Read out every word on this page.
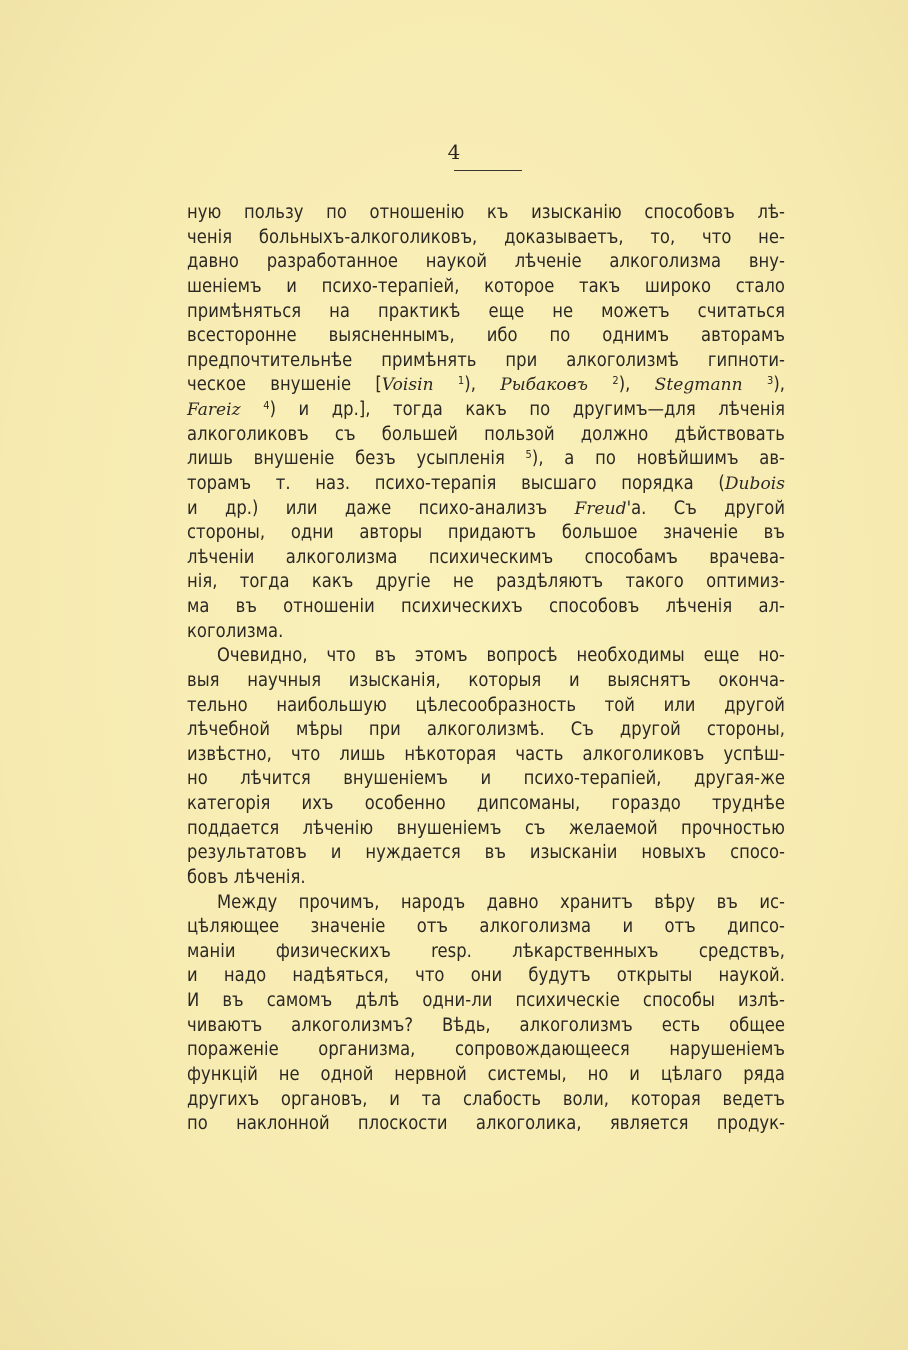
4
ную пользу по отношенію къ изысканію способовъ лѣ-
ченія больныхъ-алкоголиковъ, доказываетъ, то, что не-
давно разработанное наукой лѣченіе алкоголизма вну-
шеніемъ и психо-терапіей, которое такъ широко стало
примѣняться на практикѣ еще не можетъ считаться
всесторонне выясненнымъ, ибо по однимъ авторамъ
предпочтительнѣе примѣнять при алкоголизмѣ гипноти-
ческое внушеніе [Voisin $^1$), Рыбаковъ $^2$), Stegmann $^3$),
Fareiz $^4$) и др.], тогда какъ по другимъ—для лѣченія
алкоголиковъ съ большей пользой должно дѣйствовать
лишь внушеніе безъ усыпленія $^5$), а по новѣйшимъ ав-
торамъ т. наз. психо-терапія высшаго порядка (Dubois
и др.) или даже психо-анализъ Freud'а. Съ другой
стороны, одни авторы придаютъ большое значеніе въ
лѣченіи алкоголизма психическимъ способамъ врачева-
нія, тогда какъ другіе не раздѣляютъ такого оптимиз-
ма въ отношеніи психическихъ способовъ лѣченія ал-
коголизма.
Очевидно, что въ этомъ вопросѣ необходимы еще но-
выя научныя изысканія, которыя и выяснятъ оконча-
тельно наибольшую цѣлесообразность той или другой
лѣчебной мѣры при алкоголизмѣ. Съ другой стороны,
извѣстно, что лишь нѣкоторая часть алкоголиковъ успѣш-
но лѣчится внушеніемъ и психо-терапіей, другая-же
категорія ихъ особенно дипсоманы, гораздо труднѣе
поддается лѣченію внушеніемъ съ желаемой прочностью
результатовъ и нуждается въ изысканіи новыхъ спосо-
бовъ лѣченія.
Между прочимъ, народъ давно хранитъ вѣру въ ис-
цѣляющее значеніе отъ алкоголизма и отъ дипсо-
маніи физическихъ resp. лѣкарственныхъ средствъ,
и надо надѣяться, что они будутъ открыты наукой.
И въ самомъ дѣлѣ одни-ли психическіе способы излѣ-
чиваютъ алкоголизмъ? Вѣдь, алкоголизмъ есть общее
пораженіе организма, сопровождающееся нарушеніемъ
функцій не одной нервной системы, но и цѣлаго ряда
другихъ органовъ, и та слабость воли, которая ведетъ
по наклонной плоскости алкоголика, является продук-
